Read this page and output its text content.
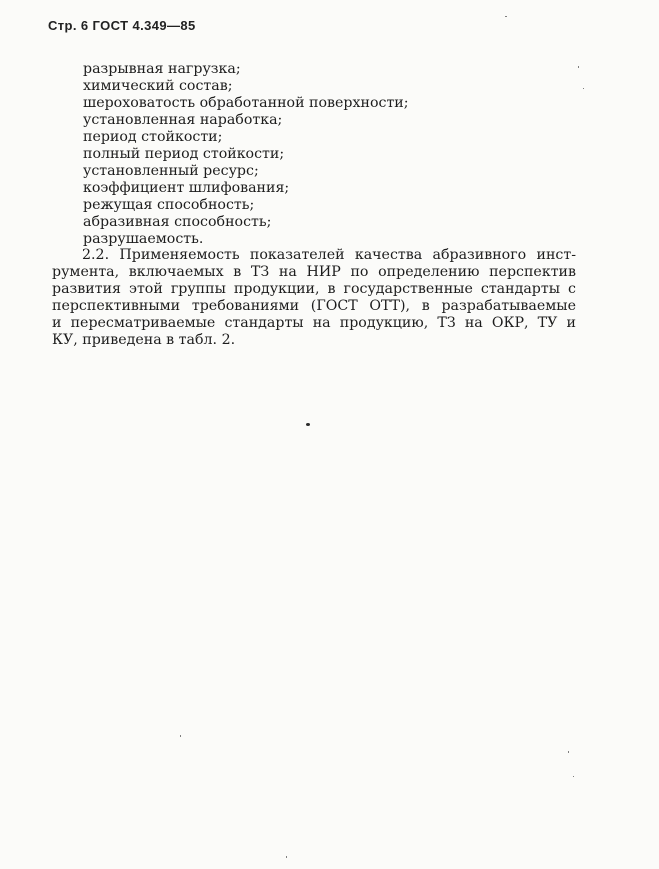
Стр. 6 ГОСТ 4.349—85
разрывная нагрузка;
химический состав;
шероховатость обработанной поверхности;
установленная наработка;
период стойкости;
полный период стойкости;
установленный ресурс;
коэффициент шлифования;
режущая способность;
абразивная способность;
разрушаемость.
2.2. Применяемость показателей качества абразивного инст-
румента, включаемых в ТЗ на НИР по определению перспектив
развития этой группы продукции, в государственные стандарты с
перспективными требованиями (ГОСТ ОТТ), в разрабатываемые
и пересматриваемые стандарты на продукцию, ТЗ на ОКР, ТУ и
КУ, приведена в табл. 2.
